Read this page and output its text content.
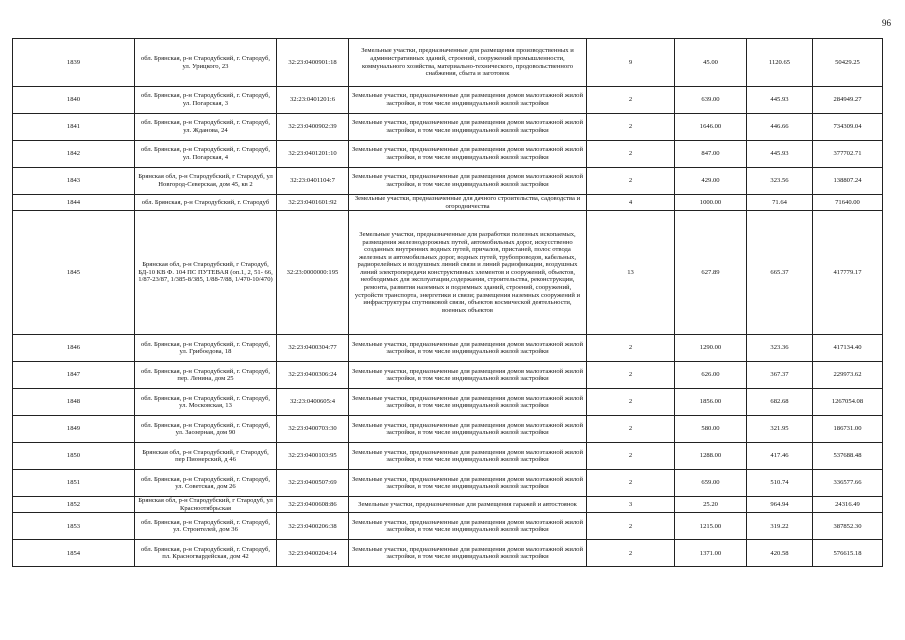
96
1839	обл. Брянская, р-н Стародубский, г. Стародуб, ул. Урицкого, 23	32:23:0400901:18	Земельные участки, предназначенные для размещения производственных и административных зданий, строений, сооружений промышленности, коммунального хозяйства, материально-технического, продовольственного снабжения, сбыта и заготовок	9	45.00	1120.65	50429.25
1840	обл. Брянская, р-н Стародубский, г. Стародуб, ул. Погарская, 3	32:23:0401201:6	Земельные участки, предназначенные для размещения домов малоэтажной жилой застройки, в том числе индивидуальной жилой застройки	2	639.00	445.93	284949.27
1841	обл. Брянская, р-н Стародубский, г. Стародуб, ул. Жданова, 24	32:23:0400902:39	Земельные участки, предназначенные для размещения домов малоэтажной жилой застройки, в том числе индивидуальной жилой застройки	2	1646.00	446.66	734309.04
1842	обл. Брянская, р-н Стародубский, г. Стародуб, ул. Погарская, 4	32:23:0401201:10	Земельные участки, предназначенные для размещения домов малоэтажной жилой застройки, в том числе индивидуальной жилой застройки	2	847.00	445.93	377702.71
1843	Брянская обл, р-н Стародубский, г Стародуб, ул Новгород-Северская, дом 45, кв 2	32:23:0401104:7	Земельные участки, предназначенные для размещения домов малоэтажной жилой застройки, в том числе индивидуальной жилой застройки	2	429.00	323.56	138807.24
1844	обл. Брянская, р-н Стародубский, г. Стародуб	32:23:0401601:92	Земельные участки, предназначенные для дачного строительства, садоводства и огородничества	4	1000.00	71.64	71640.00
1845	Брянская обл, р-н Стародубский, г Стародуб, БД-10 КВ Ф. 104 ПС ПУТЕВАЯ (оп.1, 2, 51- 66, 1/87-23/87, 1/385-8/385, 1/88-7/88, 1/470-10/470)	32:23:0000000:195	Земельные участки, предназначенные для разработки полезных ископаемых, размещения железнодорожных путей, автомобильных дорог, искусственно созданных внутренних водных путей, причалов, пристаней, полос отвода железных и автомобильных дорог, водных путей, трубопроводов, кабельных, радиорелейных и воздушных линий связи и линий радиофикации, воздушных линий электропередачи конструктивных элементов и сооружений, объектов, необходимых для эксплуатации,содержания, строительства, реконструкции, ремонта, развития наземных и подземных зданий, строений, сооружений, устройств транспорта, энергетики и связи; размещения наземных сооружений и инфраструктуры спутниковой связи, объектов космической деятельности, военных объектов	13	627.89	665.37	417779.17
1846	обл. Брянская, р-н Стародубский, г. Стародуб, ул. Грибоедова, 18	32:23:0400304:77	Земельные участки, предназначенные для размещения домов малоэтажной жилой застройки, в том числе индивидуальной жилой застройки	2	1290.00	323.36	417134.40
1847	обл. Брянская, р-н Стародубский, г. Стародуб, пер. Ленина, дом 25	32:23:0400306:24	Земельные участки, предназначенные для размещения домов малоэтажной жилой застройки, в том числе индивидуальной жилой застройки	2	626.00	367.37	229973.62
1848	обл. Брянская, р-н Стародубский, г. Стародуб, ул. Московская, 13	32:23:0400605:4	Земельные участки, предназначенные для размещения домов малоэтажной жилой застройки, в том числе индивидуальной жилой застройки	2	1856.00	682.68	1267054.08
1849	обл. Брянская, р-н Стародубский, г. Стародуб, ул. Заозерная, дом 90	32:23:0400703:30	Земельные участки, предназначенные для размещения домов малоэтажной жилой застройки, в том числе индивидуальной жилой застройки	2	580.00	321.95	186731.00
1850	Брянская обл, р-н Стародубский, г Стародуб, пер Пионерский, д 46	32:23:0400103:95	Земельные участки, предназначенные для размещения домов малоэтажной жилой застройки, в том числе индивидуальной жилой застройки	2	1288.00	417.46	537688.48
1851	обл. Брянская, р-н Стародубский, г. Стародуб, ул. Советская, дом 26	32:23:0400507:69	Земельные участки, предназначенные для размещения домов малоэтажной жилой застройки, в том числе индивидуальной жилой застройки	2	659.00	510.74	336577.66
1852	Брянская обл, р-н Стародубский, г Стародуб, ул Красноотябрьская	32:23:0400608:86	Земельные участки, предназначенные для размещения гаражей и автостоянок	3	25.20	964.94	24316.49
1853	обл. Брянская, р-н Стародубский, г. Стародуб, ул. Строителей, дом 36	32:23:0400206:38	Земельные участки, предназначенные для размещения домов малоэтажной жилой застройки, в том числе индивидуальной жилой застройки	2	1215.00	319.22	387852.30
1854	обл. Брянская, р-н Стародубский, г. Стародуб, пл. Красногвардейская, дом 42	32:23:0400204:14	Земельные участки, предназначенные для размещения домов малоэтажной жилой застройки, в том числе индивидуальной жилой застройки	2	1371.00	420.58	576615.18
